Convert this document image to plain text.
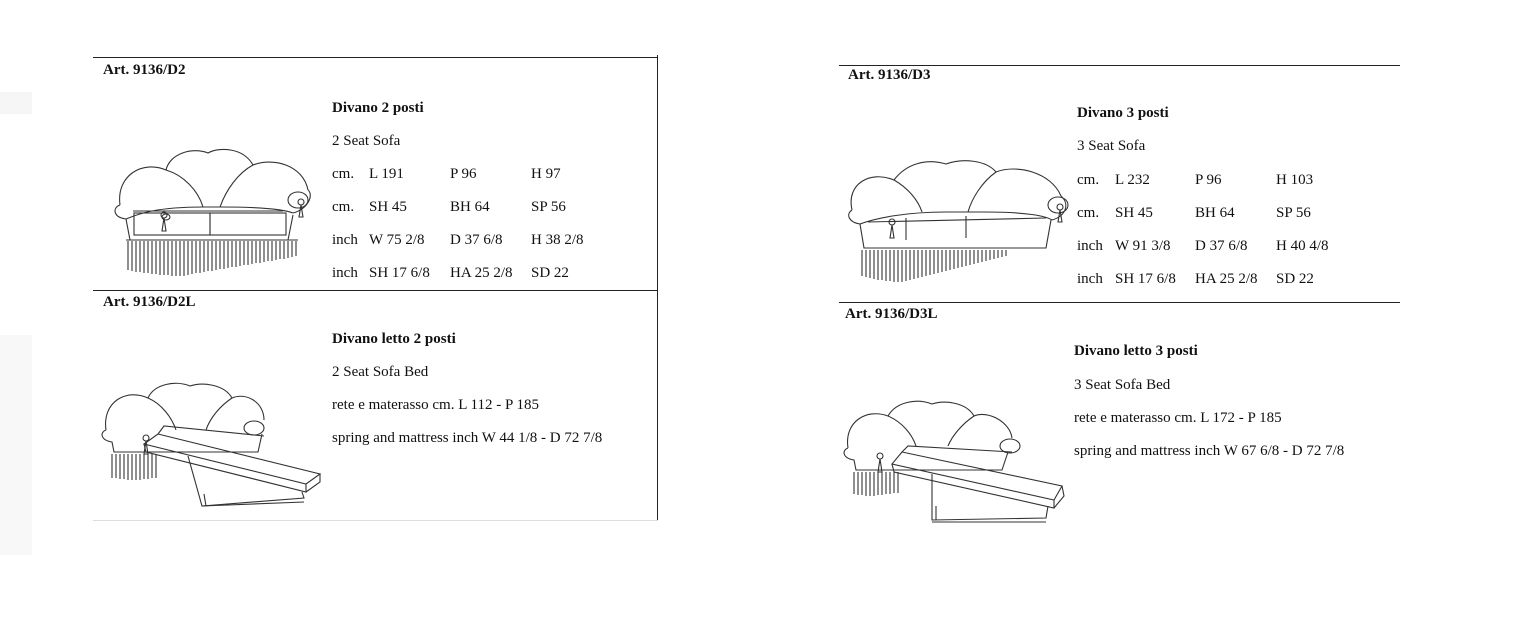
Art. 9136/D2
Divano 2 posti
2 Seat Sofa
cm. L 191	P 96	H 97
cm. SH 45	BH 64	SP 56
inch W 75 2/8 D 37 6/8 H 38 2/8
inch SH 17 6/8 HA 25 2/8 SD 22
Art. 9136/D2L
Divano letto 2 posti
2 Seat Sofa Bed
rete e materasso cm. L 112 - P 185
spring and mattress inch W 44 1/8 - D 72 7/8
Art. 9136/D3
Divano 3 posti
3 Seat Sofa
cm. L 232	P 96	H 103
cm. SH 45	BH 64	SP 56
inch W 91 3/8 D 37 6/8 H 40 4/8
inch SH 17 6/8 HA 25 2/8 SD 22
Art. 9136/D3L
Divano letto 3 posti
3 Seat Sofa Bed
rete e materasso cm. L 172 - P 185
spring and mattress inch W 67 6/8 - D 72 7/8
